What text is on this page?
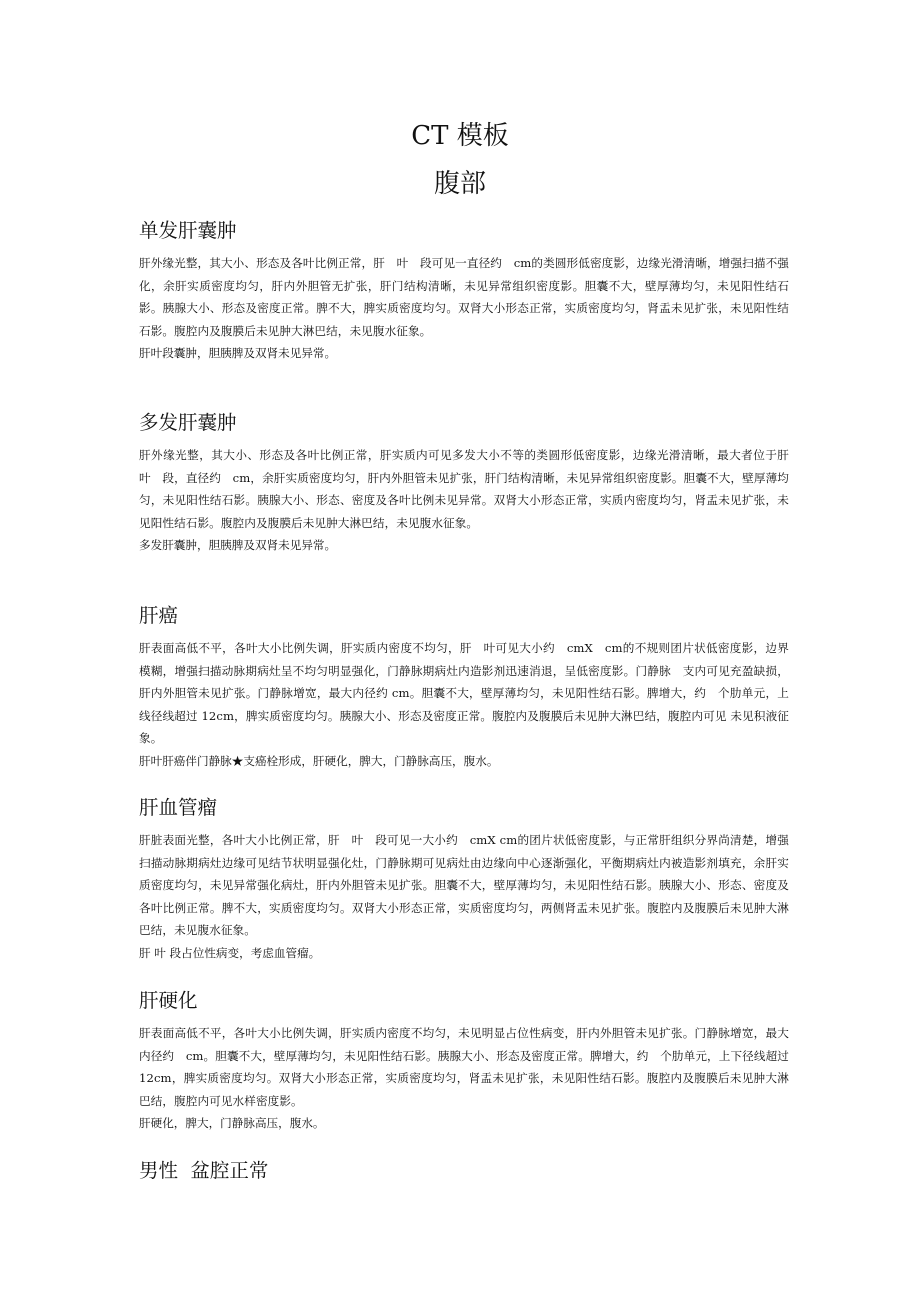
CT 模板
腹部
单发肝囊肿

肝外缘光整，其大小、形态及各叶比例正常，肝　叶　段可见一直径约　cm的类圆形低密度影，边缘光滑清晰，增强扫描不强化，余肝实质密度均匀，肝内外胆管无扩张，肝门结构清晰，未见异常组织密度影。胆囊不大，壁厚薄均匀，未见阳性结石影。胰腺大小、形态及密度正常。脾不大，脾实质密度均匀。双肾大小形态正常，实质密度均匀，肾盂未见扩张，未见阳性结石影。腹腔内及腹膜后未见肿大淋巴结，未见腹水征象。

肝叶段囊肿，胆胰脾及双肾未见异常。

多发肝囊肿

肝外缘光整，其大小、形态及各叶比例正常，肝实质内可见多发大小不等的类圆形低密度影，边缘光滑清晰，最大者位于肝　叶　段，直径约　cm，余肝实质密度均匀，肝内外胆管未见扩张，肝门结构清晰，未见异常组织密度影。胆囊不大，壁厚薄均匀，未见阳性结石影。胰腺大小、形态、密度及各叶比例未见异常。双肾大小形态正常，实质内密度均匀，肾盂未见扩张，未见阳性结石影。腹腔内及腹膜后未见肿大淋巴结，未见腹水征象。

多发肝囊肿，胆胰脾及双肾未见异常。

肝癌

肝表面高低不平，各叶大小比例失调，肝实质内密度不均匀，肝　叶可见大小约　cmX　cm的不规则团片状低密度影，边界模糊，增强扫描动脉期病灶呈不均匀明显强化，门静脉期病灶内造影剂迅速消退，呈低密度影。门静脉　支内可见充盈缺损，肝内外胆管未见扩张。门静脉增宽，最大内径约 cm。胆囊不大，壁厚薄均匀，未见阳性结石影。脾增大，约　个肋单元，上线径线超过 12cm，脾实质密度均匀。胰腺大小、形态及密度正常。腹腔内及腹膜后未见肿大淋巴结，腹腔内可见 未见积液征象。

肝叶肝癌伴门静脉★支癌栓形成，肝硬化，脾大，门静脉高压，腹水。

肝血管瘤

肝脏表面光整，各叶大小比例正常，肝　叶　段可见一大小约　cmX cm的团片状低密度影，与正常肝组织分界尚清楚，增强扫描动脉期病灶边缘可见结节状明显强化灶，门静脉期可见病灶由边缘向中心逐渐强化，平衡期病灶内被造影剂填充，余肝实质密度均匀，未见异常强化病灶，肝内外胆管未见扩张。胆囊不大，壁厚薄均匀，未见阳性结石影。胰腺大小、形态、密度及各叶比例正常。脾不大，实质密度均匀。双肾大小形态正常，实质密度均匀，两侧肾盂未见扩张。腹腔内及腹膜后未见肿大淋巴结，未见腹水征象。

肝 叶 段占位性病变，考虑血管瘤。

肝硬化

肝表面高低不平，各叶大小比例失调，肝实质内密度不均匀，未见明显占位性病变，肝内外胆管未见扩张。门静脉增宽，最大内径约　cm。胆囊不大，壁厚薄均匀，未见阳性结石影。胰腺大小、形态及密度正常。脾增大，约　个肋单元，上下径线超过12cm，脾实质密度均匀。双肾大小形态正常，实质密度均匀，肾盂未见扩张，未见阳性结石影。腹腔内及腹膜后未见肿大淋巴结，腹腔内可见水样密度影。

肝硬化，脾大，门静脉高压，腹水。

男性  盆腔正常
